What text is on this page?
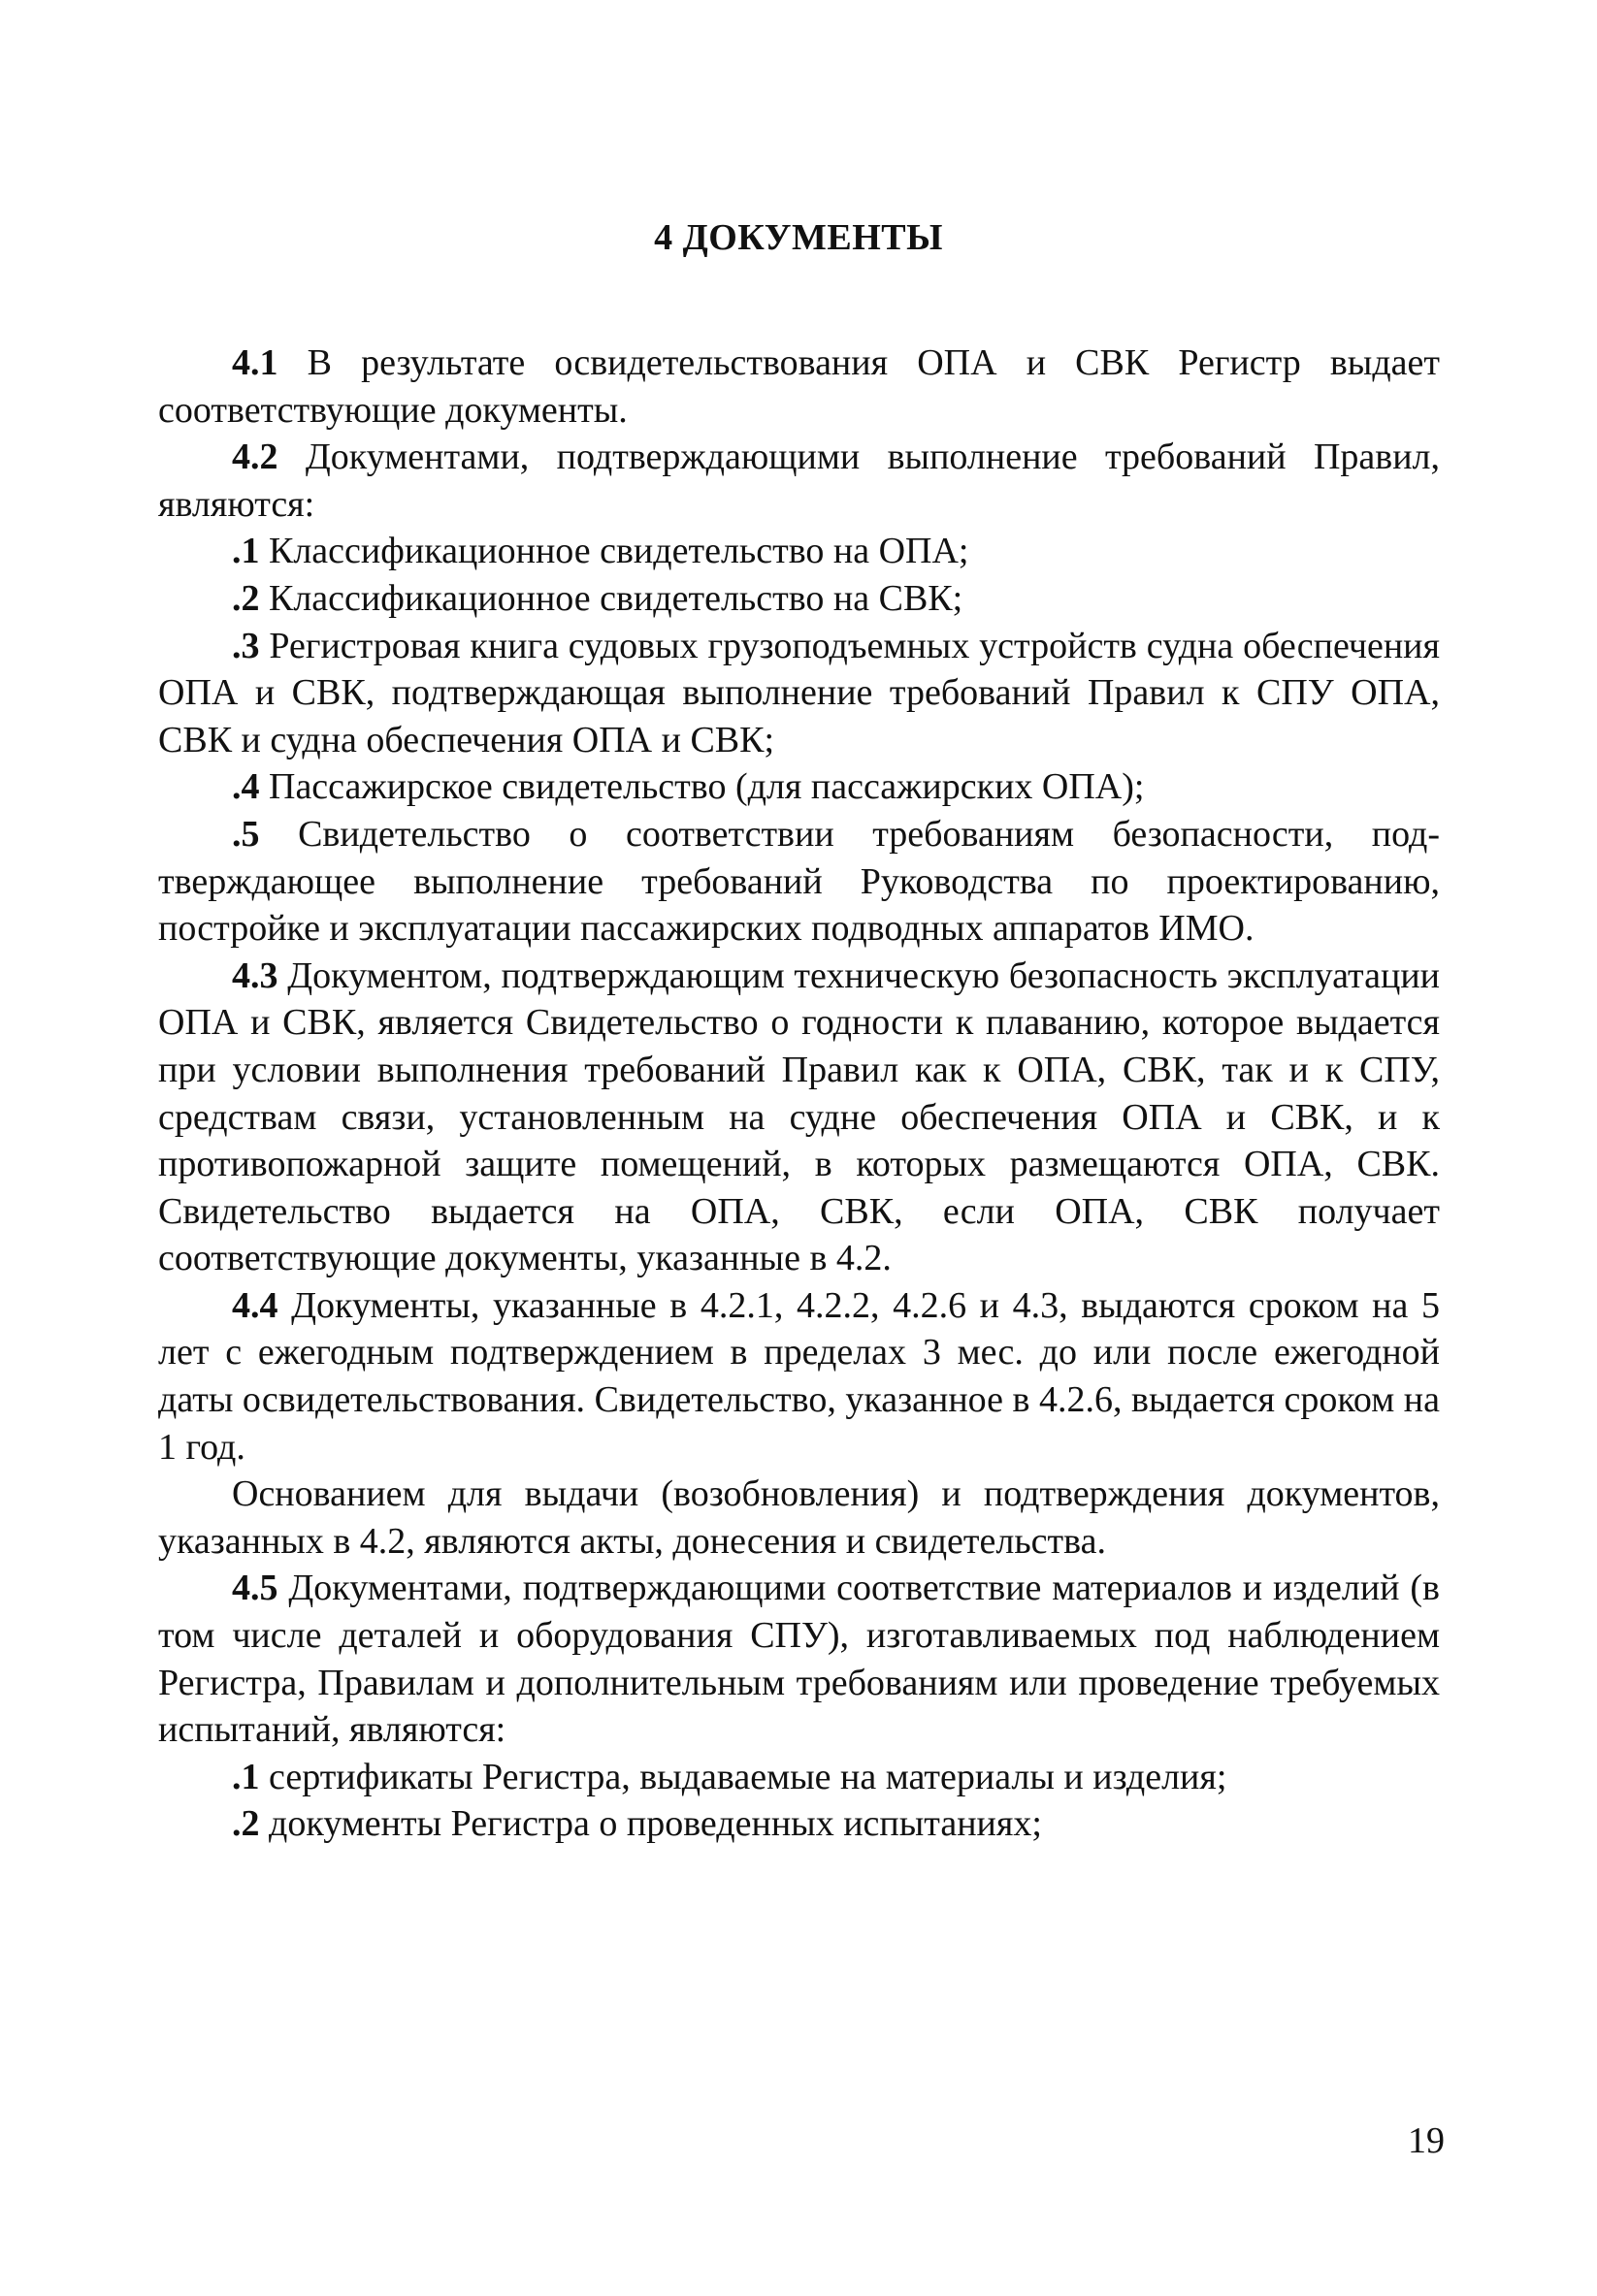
4 ДОКУМЕНТЫ

4.1 В результате освидетельствования ОПА и СВК Регистр выдает соответствующие документы.

4.2 Документами, подтверждающими выполнение требований Правил, являются:

.1 Классификационное свидетельство на ОПА;

.2 Классификационное свидетельство на СВК;

.3 Регистровая книга судовых грузоподъемных устройств судна обеспечения ОПА и СВК, подтверждающая выполнение требований Правил к СПУ ОПА, СВК и судна обеспечения ОПА и СВК;

.4 Пассажирское свидетельство (для пассажирских ОПА);

.5 Свидетельство о соответствии требованиям безопасности, подтверждающее выполнение требований Руководства по проектированию, постройке и эксплуатации пассажирских подводных аппаратов ИМО.

4.3 Документом, подтверждающим техническую безопасность эксплуатации ОПА и СВК, является Свидетельство о годности к плаванию, которое выдается при условии выполнения требований Правил как к ОПА, СВК, так и к СПУ, средствам связи, установленным на судне обеспечения ОПА и СВК, и к противопожарной защите помещений, в которых размещаются ОПА, СВК. Свидетельство выдается на ОПА, СВК, если ОПА, СВК получает соответствующие документы, указанные в 4.2.

4.4 Документы, указанные в 4.2.1, 4.2.2, 4.2.6 и 4.3, выдаются сроком на 5 лет с ежегодным подтверждением в пределах 3 мес. до или после ежегодной даты освидетельствования. Свидетельство, указанное в 4.2.6, выдается сроком на 1 год.

Основанием для выдачи (возобновления) и подтверждения документов, указанных в 4.2, являются акты, донесения и свидетельства.

4.5 Документами, подтверждающими соответствие материалов и изделий (в том числе деталей и оборудования СПУ), изготавливаемых под наблюдением Регистра, Правилам и дополнительным требованиям или проведение требуемых испытаний, являются:

.1 сертификаты Регистра, выдаваемые на материалы и изделия;

.2 документы Регистра о проведенных испытаниях;

19
